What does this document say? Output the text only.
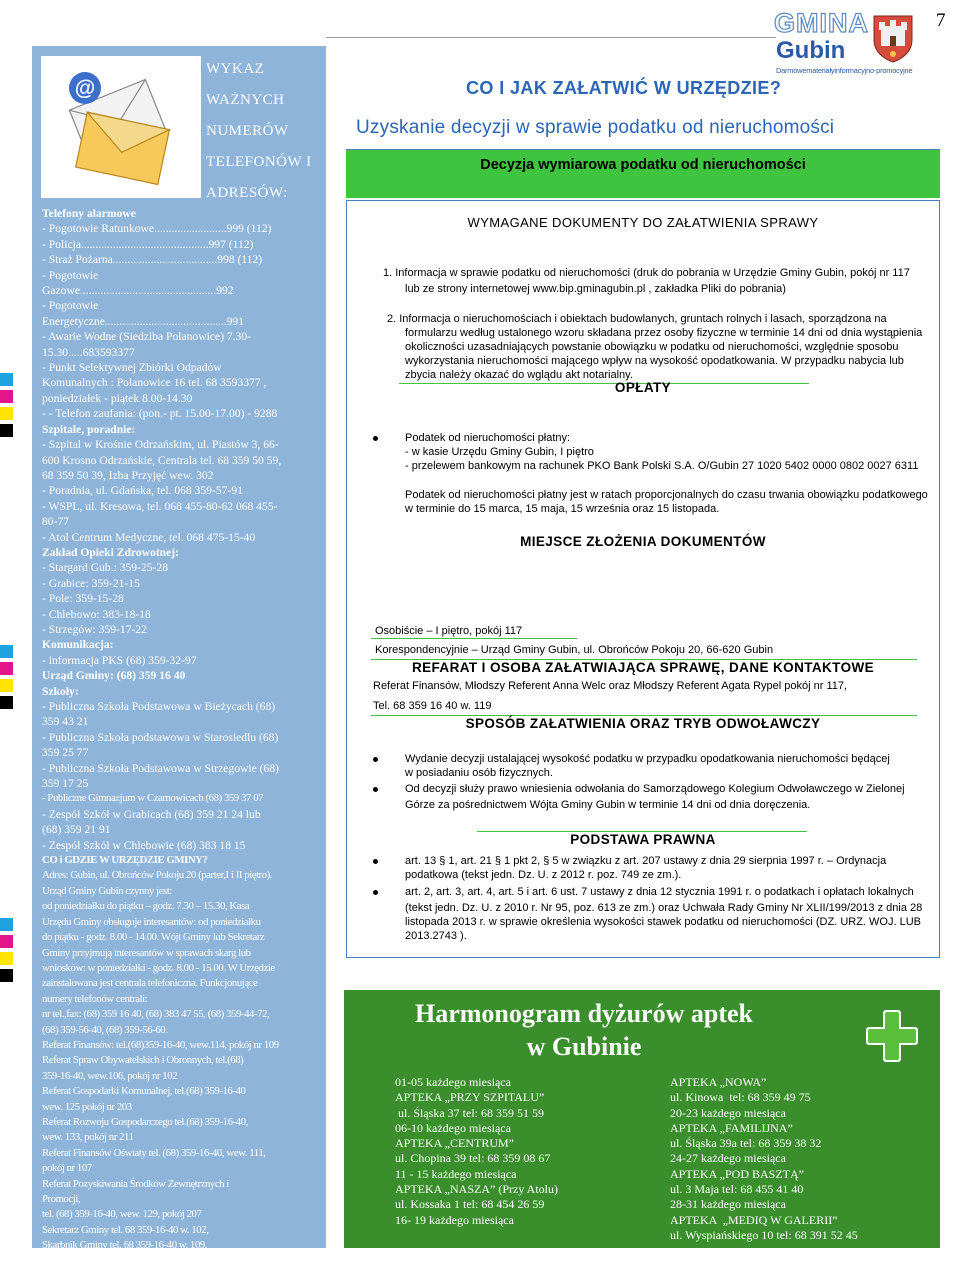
@
WYKAZ WAŻNYCH
NUMERÓW
TELEFONÓW I
ADRESÓW:
Telefony alarmowe
- Pogotowie Ratunkowe.........................999 (112)
- Policja............................................997 (112)
- Straż Pożarna....................................998 (112)
- Pogotowie
Gazowe...............................................992
- Pogotowie
Energetyczne..........................................991
- Awarie Wodne (Siedziba Polanowice) 7.30-
15.30.....683593377
- Punkt Selektywnej Zbiórki Odpadów
Komunalnych : Polanowice 16 tel. 68 3593377 ,
poniedziałek - piątek 8.00-14.30
- - Telefon zaufania: (pon.- pt. 15.00-17.00) - 9288
Szpitale, poradnie:
- Szpital w Krośnie Odrzańskim, ul. Piastów 3, 66-
600 Krosno Odrzańskie, Centrala tel. 68 359 50 59,
68 359 50 39, Izba Przyjęć wew. 302
- Poradnia, ul. Gdańska, tel. 068 359-57-91
- WSPL, ul. Kresowa, tel. 068 455-80-62 068 455-
80-77
- Atol Centrum Medyczne, tel. 068 475-15-40
Zakład Opieki Zdrowotnej:
- Stargard Gub.: 359-25-28
- Grabice: 359-21-15
- Pole: 359-15-28
- Chlebowo: 383-18-18
- Strzegów: 359-17-22
Komunikacja:
- informacja PKS (68) 359-32-97
Urząd Gminy: (68) 359 16 40
Szkoły:
- Publiczna Szkoła Podstawowa w Bieżycach (68)
359 43 21
- Publiczna Szkoła podstawowa w Starosiedlu (68)
359 25 77
- Publiczna Szkoła Podstawowa w Strzegowie (68)
359 17 25
- Publiczne Gimnazjum w Czarnowicach (68) 359 37 07
- Zespół Szkół w Grabicach (68) 359 21 24 lub
(68) 359 21 91
- Zespół Szkół w Chlebowie (68) 383 18 15
CO i GDZIE W URZĘDZIE GMINY?
Adres: Gubin, ul. Obrońców Pokoju 20 (parter,I i II piętro).
Urząd Gminy Gubin czynny jest:
od poniedziałku do piątku – godz. 7.30 – 15.30, Kasa
Urzędu Gminy obsługuje interesantów: od poniedziałku
do piątku - godz. 8.00 - 14.00. Wójt Gminy lub Sekretarz
Gminy przyjmują interesantów w sprawach skarg lub
wniosków: w poniedziałki - godz. 8.00 - 15.00. W Urzędzie
zainstalowana jest centrala telefoniczna. Funkcjonujące
numery telefonów centrali:
nr tel.,fax: (68) 359 16 40, (68) 383 47 55, (68) 359-44-72,
(68) 359-56-40, (68) 359-56-60.
Referat Finansów: tel.(68)359-16-40, wew.114, pokój nr 109
Referat Spraw Obywatelskich i Obronnych, tel.(68)
359-16-40, wew.106, pokój nr 102
Referat Gospodarki Komunalnej, tel.(68) 359-16-40
wew. 125 pokój nr 203
Referat Rozwoju Gospodarczego tel.(68) 359-16-40,
wew. 133, pokój nr 211
Referat Finansów Oświaty tel. (68) 359-16-40, wew. 111,
pokój nr 107
Referat Pozyskiwania Środków Zewnętrznych i
Promocji,
tel. (68) 359-16-40, wew. 129, pokój 207
Sekretarz Gminy tel. 68 359-16-40 w. 102,
Skarbnik Gminy tel. 68 359-16-40 w. 109,
Sekretariat, tel. (68) 359-16-40 w. 100
7
GMINA
Gubin
Darmowemateriałyinformacyjno-promocyjne
CO I JAK ZAŁATWIĆ W URZĘDZIE?
Uzyskanie decyzji w sprawie podatku od nieruchomości
Decyzja wymiarowa podatku od nieruchomości
WYMAGANE DOKUMENTY DO ZAŁATWIENIA SPRAWY
1. Informacja w sprawie podatku od nieruchomości (druk do pobrania w Urzędzie Gminy Gubin, pokój nr 117
lub ze strony internetowej www.bip.gminagubin.pl , zakładka Pliki do pobrania)
2. Informacja o nieruchomościach i obiektach budowlanych, gruntach rolnych i lasach, sporządzona na
formularzu według ustalonego wzoru składana przez osoby fizyczne w terminie 14 dni od dnia wystąpienia
okoliczności uzasadniających powstanie obowiązku w podatku od nieruchomości, względnie sposobu
wykorzystania nieruchomości mającego wpływ na wysokość opodatkowania. W przypadku nabycia lub
zbycia należy okazać do wglądu akt notarialny.
OPŁATY
Podatek od nieruchomości płatny:
- w kasie Urzędu Gminy Gubin, I piętro
- przelewem bankowym na rachunek PKO Bank Polski S.A. O/Gubin 27 1020 5402 0000 0802 0027 6311
Podatek od nieruchomości płatny jest w ratach proporcjonalnych do czasu trwania obowiązku podatkowego
w terminie do 15 marca, 15 maja, 15 września oraz 15 listopada.
MIEJSCE ZŁOŻENIA DOKUMENTÓW
Osobiście – I piętro, pokój 117
Korespondencyjnie – Urząd Gminy Gubin, ul. Obrońców Pokoju 20, 66-620 Gubin
REFARAT I OSOBA ZAŁATWIAJĄCA SPRAWĘ, DANE KONTAKTOWE
Referat Finansów, Młodszy Referent Anna Welc oraz Młodszy Referent Agata Rypel pokój nr 117,
Tel. 68 359 16 40 w. 119
SPOSÓB ZAŁATWIENIA ORAZ TRYB ODWOŁAWCZY
Wydanie decyzji ustalającej wysokość podatku w przypadku opodatkowania nieruchomości będącej
w posiadaniu osób fizycznych.
Od decyzji służy prawo wniesienia odwołania do Samorządowego Kolegium Odwoławczego w Zielonej
Górze za pośrednictwem Wójta Gminy Gubin w terminie 14 dni od dnia doręczenia.
PODSTAWA PRAWNA
art. 13 § 1, art. 21 § 1 pkt 2, § 5 w związku z art. 207 ustawy z dnia 29 sierpnia 1997 r. – Ordynacja
podatkowa (tekst jedn. Dz. U. z 2012 r. poz. 749 ze zm.).
art. 2, art. 3, art. 4, art. 5 i art. 6 ust. 7 ustawy z dnia 12 stycznia 1991 r. o podatkach i opłatach lokalnych
(tekst jedn. Dz. U. z 2010 r. Nr 95, poz. 613 ze zm.) oraz Uchwała Rady Gminy Nr XLII/199/2013 z dnia 28
listopada 2013 r. w sprawie określenia wysokości stawek podatku od nieruchomości (DZ. URZ. WOJ. LUB
2013.2743 ).
Harmonogram dyżurów aptek
w Gubinie
01-05 każdego miesiąca
APTEKA „PRZY SZPITALU”
ul. Śląska 37 tel: 68 359 51 59
06-10 każdego miesiąca
APTEKA „CENTRUM”
ul. Chopina 39 tel: 68 359 08 67
11 - 15 każdego miesiąca
APTEKA „NASZA” (Przy Atolu)
ul. Kossaka 1 tel: 68 454 26 59
16- 19 każdego miesiąca
APTEKA „NOWA”
ul. Kinowa  tel: 68 359 49 75
20-23 każdego miesiąca
APTEKA „FAMILIJNA”
ul. Śląska 39a tel: 68 359 38 32
24-27 każdego miesiąca
APTEKA „POD BASZTĄ”
ul. 3 Maja tel: 68 455 41 40
28-31 każdego miesiąca
APTEKA  „MEDIQ W GALERII”
ul. Wyspiańskiego 10 tel: 68 391 52 45
